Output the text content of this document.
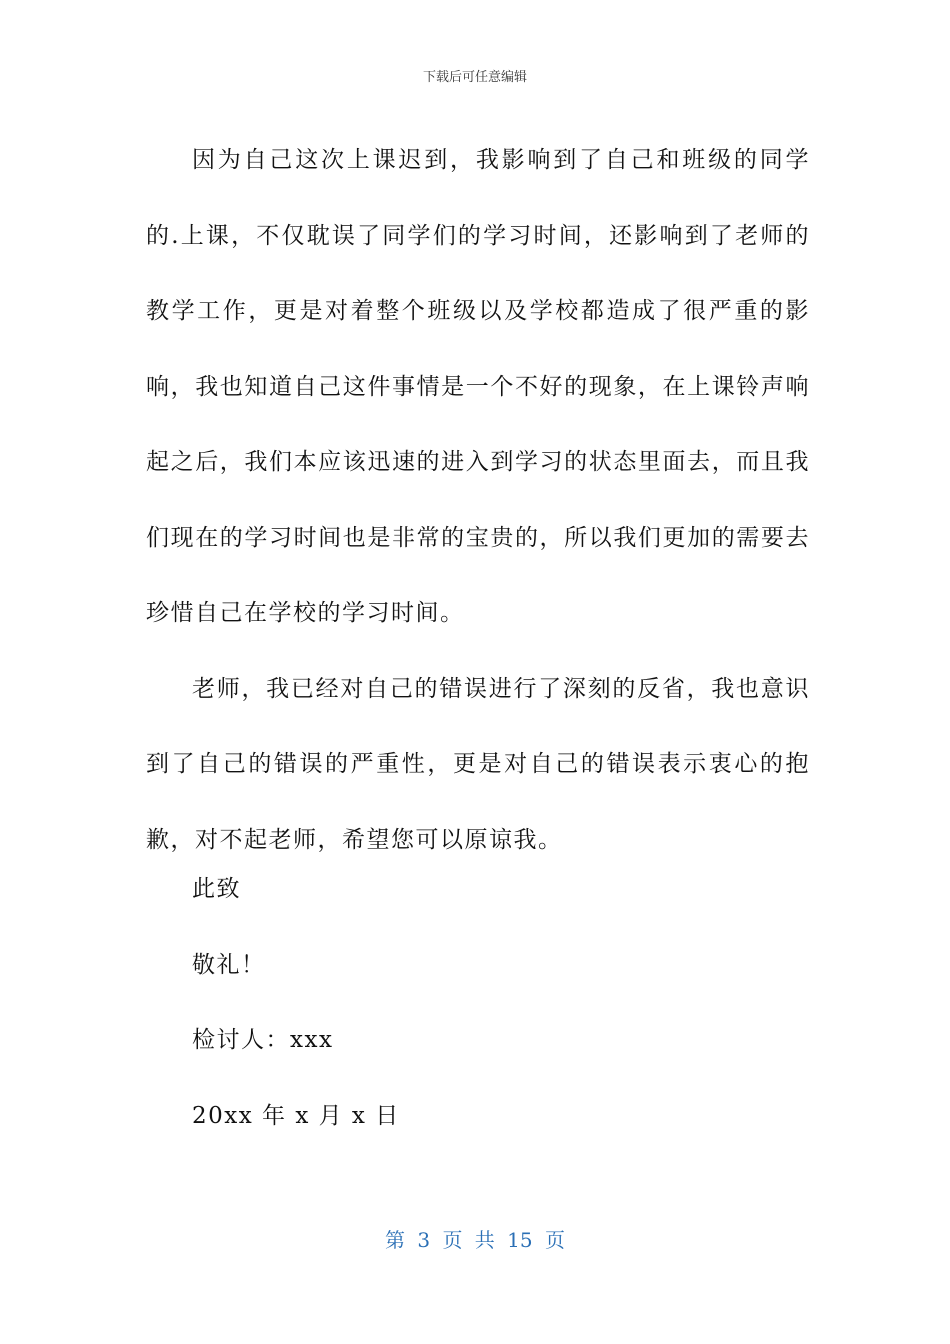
下载后可任意编辑

因为自己这次上课迟到，我影响到了自己和班级的同学的.上课，不仅耽误了同学们的学习时间，还影响到了老师的教学工作，更是对着整个班级以及学校都造成了很严重的影响，我也知道自己这件事情是一个不好的现象，在上课铃声响起之后，我们本应该迅速的进入到学习的状态里面去，而且我们现在的学习时间也是非常的宝贵的，所以我们更加的需要去珍惜自己在学校的学习时间。

老师，我已经对自己的错误进行了深刻的反省，我也意识到了自己的错误的严重性，更是对自己的错误表示衷心的抱歉，对不起老师，希望您可以原谅我。

此致
敬礼！
检讨人：xxx
20xx 年 x 月 x 日
第 3 页 共 15 页
